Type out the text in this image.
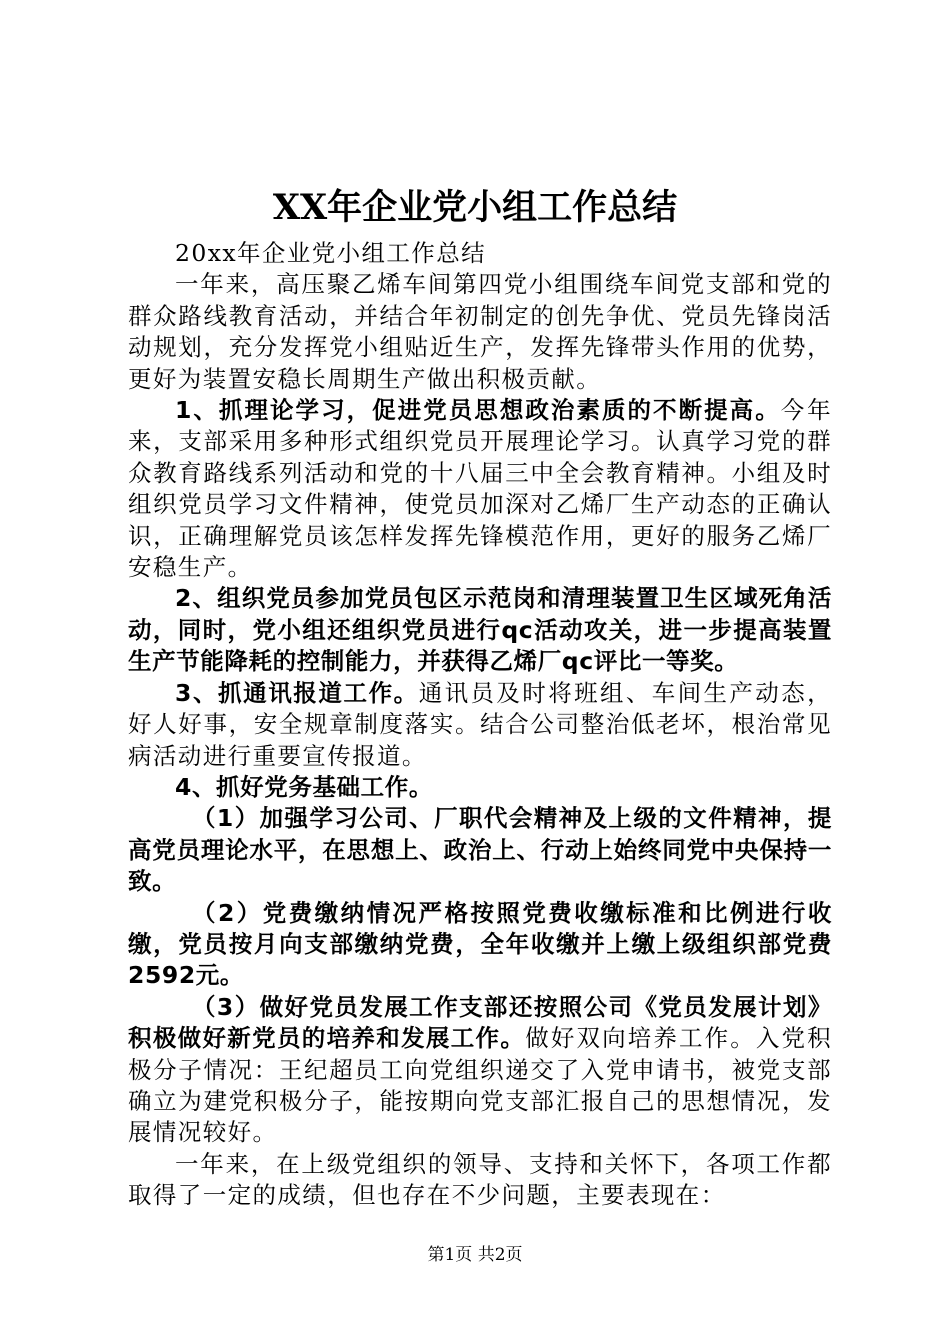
XX年企业党小组工作总结

20xx年企业党小组工作总结

一年来，高压聚乙烯车间第四党小组围绕车间党支部和党的群众路线教育活动，并结合年初制定的创先争优、党员先锋岗活动规划，充分发挥党小组贴近生产，发挥先锋带头作用的优势，更好为装置安稳长周期生产做出积极贡献。

1、抓理论学习，促进党员思想政治素质的不断提高。今年来，支部采用多种形式组织党员开展理论学习。认真学习党的群众教育路线系列活动和党的十八届三中全会教育精神。小组及时组织党员学习文件精神，使党员加深对乙烯厂生产动态的正确认识，正确理解党员该怎样发挥先锋模范作用，更好的服务乙烯厂安稳生产。

2、组织党员参加党员包区示范岗和清理装置卫生区域死角活动，同时，党小组还组织党员进行qc活动攻关，进一步提高装置生产节能降耗的控制能力，并获得乙烯厂qc评比一等奖。

3、抓通讯报道工作。通讯员及时将班组、车间生产动态，好人好事，安全规章制度落实。结合公司整治低老坏，根治常见病活动进行重要宣传报道。

4、抓好党务基础工作。

（1）加强学习公司、厂职代会精神及上级的文件精神，提高党员理论水平，在思想上、政治上、行动上始终同党中央保持一致。

（2）党费缴纳情况严格按照党费收缴标准和比例进行收缴，党员按月向支部缴纳党费，全年收缴并上缴上级组织部党费2592元。

（3）做好党员发展工作支部还按照公司《党员发展计划》积极做好新党员的培养和发展工作。做好双向培养工作。入党积极分子情况：王纪超员工向党组织递交了入党申请书，被党支部确立为建党积极分子，能按期向党支部汇报自己的思想情况，发展情况较好。

一年来，在上级党组织的领导、支持和关怀下，各项工作都取得了一定的成绩，但也存在不少问题，主要表现在：

第1页 共2页
